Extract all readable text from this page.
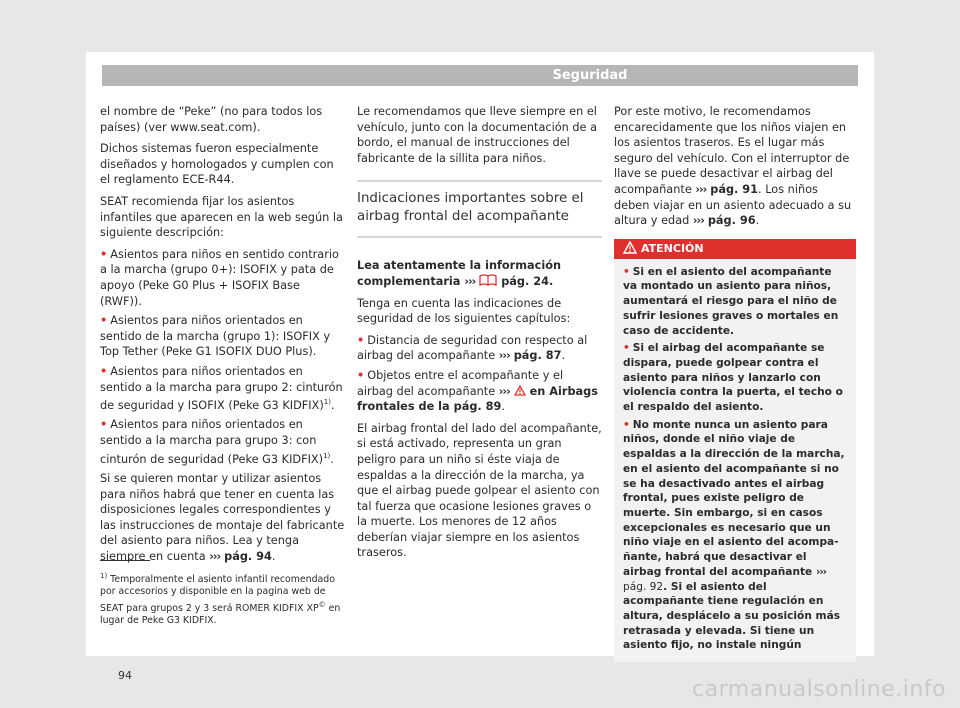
Seguridad

el nombre de “Peke” (no para todos los países) (ver www.seat.com).

Dichos sistemas fueron especialmente diseñados y homologados y cumplen con el reglamento ECE-R44.

SEAT recomienda fijar los asientos infantiles que aparecen en la web según la siguiente descripción:

• Asientos para niños en sentido contrario a la marcha (grupo 0+): ISOFIX y pata de apoyo (Peke G0 Plus + ISOFIX Base (RWF)).
• Asientos para niños orientados en sentido de la marcha (grupo 1): ISOFIX y Top Tether (Peke G1 ISOFIX DUO Plus).
• Asientos para niños orientados en sentido a la marcha para grupo 2: cinturón de seguridad y ISOFIX (Peke G3 KIDFIX)$^{1)}$.
• Asientos para niños orientados en sentido a la marcha para grupo 3: con cinturón de seguridad (Peke G3 KIDFIX)$^{1)}$.

Si se quieren montar y utilizar asientos para niños habrá que tener en cuenta las disposiciones legales correspondientes y las instrucciones de montaje del fabricante del asiento para niños. Lea y tenga siempre en cuenta ››› pág. 94.

Le recomendamos que lleve siempre en el vehículo, junto con la documentación de a bordo, el manual de instrucciones del fabricante de la sillita para niños.

Indicaciones importantes sobre el airbag frontal del acompañante

Lea atentamente la información complementaria ››› pág. 24.

Tenga en cuenta las indicaciones de seguridad de los siguientes capítulos:

• Distancia de seguridad con respecto al airbag del acompañante ››› pág. 87.
• Objetos entre el acompañante y el airbag del acompañante ››› en Airbags frontales de la pág. 89.

El airbag frontal del lado del acompañante, si está activado, representa un gran peligro para un niño si éste viaja de espaldas a la dirección de la marcha, ya que el airbag puede golpear el asiento con tal fuerza que ocasione lesiones graves o la muerte. Los menores de 12 años deberían viajar siempre en los asientos traseros.

Por este motivo, le recomendamos encarecidamente que los niños viajen en los asientos traseros. Es el lugar más seguro del vehículo. Con el interruptor de llave se puede desactivar el airbag del acompañante ››› pág. 91. Los niños deben viajar en un asiento adecuado a su altura y edad ››› pág. 96.

ATENCIÓN
• Si en el asiento del acompañante va montado un asiento para niños, aumentará el riesgo para el niño de sufrir lesiones graves o mortales en caso de accidente.
• Si el airbag del acompañante se dispara, puede golpear contra el asiento para niños y lanzarlo con violencia contra la puerta, el techo o el respaldo del asiento.
• No monte nunca un asiento para niños, donde el niño viaje de espaldas a la dirección de la marcha, en el asiento del acompañante si no se ha desactivado antes el airbag frontal, pues existe peligro de muerte. Sin embargo, si en casos excepcionales es necesario que un niño viaje en el asiento del acompañante, habrá que desactivar el airbag frontal del acompañante ››› pág. 92. Si el asiento del acompañante tiene regulación en altura, desplácelo a su posición más retrasada y elevada. Si tiene un asiento fijo, no instale ningún
$^{1)}$ Temporalmente el asiento infantil recomendado por accesorios y disponible en la pagina web de SEAT para grupos 2 y 3 será ROMER KIDFIX XP© en lugar de Peke G3 KIDFIX.
94
carmanualsonline.info
